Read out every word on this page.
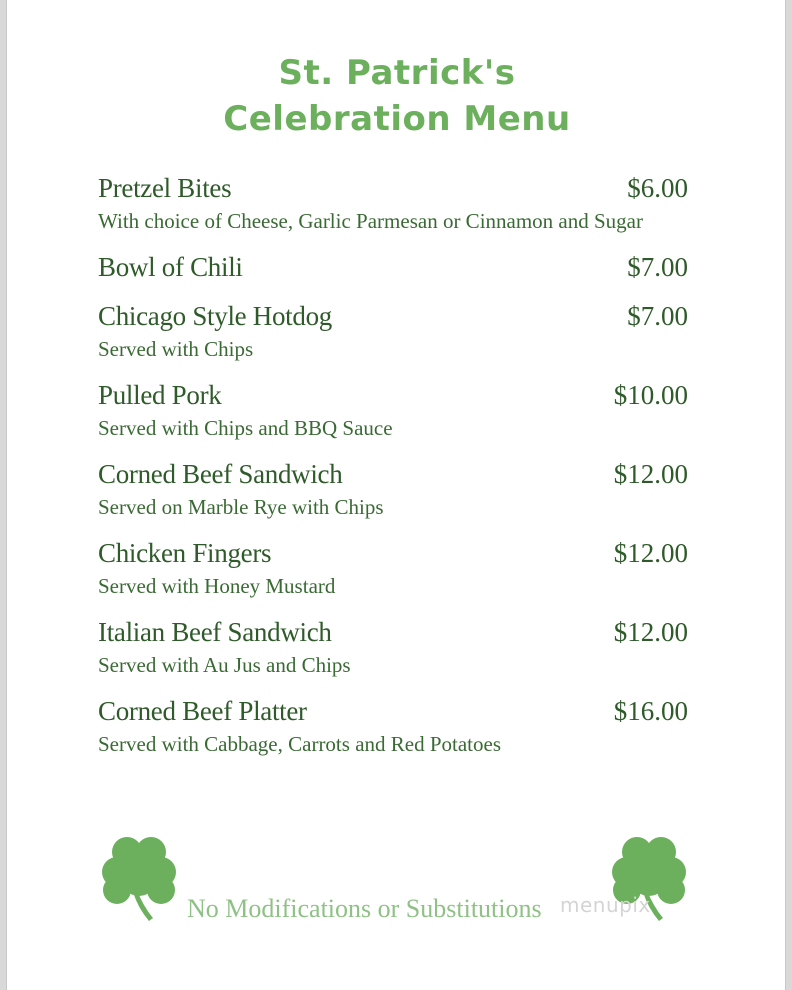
St. Patrick's
Celebration Menu
Pretzel Bites	$6.00
With choice of Cheese, Garlic Parmesan or Cinnamon and Sugar
Bowl of Chili	$7.00
Chicago Style Hotdog	$7.00
Served with Chips
Pulled Pork	$10.00
Served with Chips and BBQ Sauce
Corned Beef Sandwich	$12.00
Served on Marble Rye with Chips
Chicken Fingers	$12.00
Served with Honey Mustard
Italian Beef Sandwich	$12.00
Served with Au Jus and Chips
Corned Beef Platter	$16.00
Served with Cabbage, Carrots and Red Potatoes
No Modifications or Substitutions menupix
